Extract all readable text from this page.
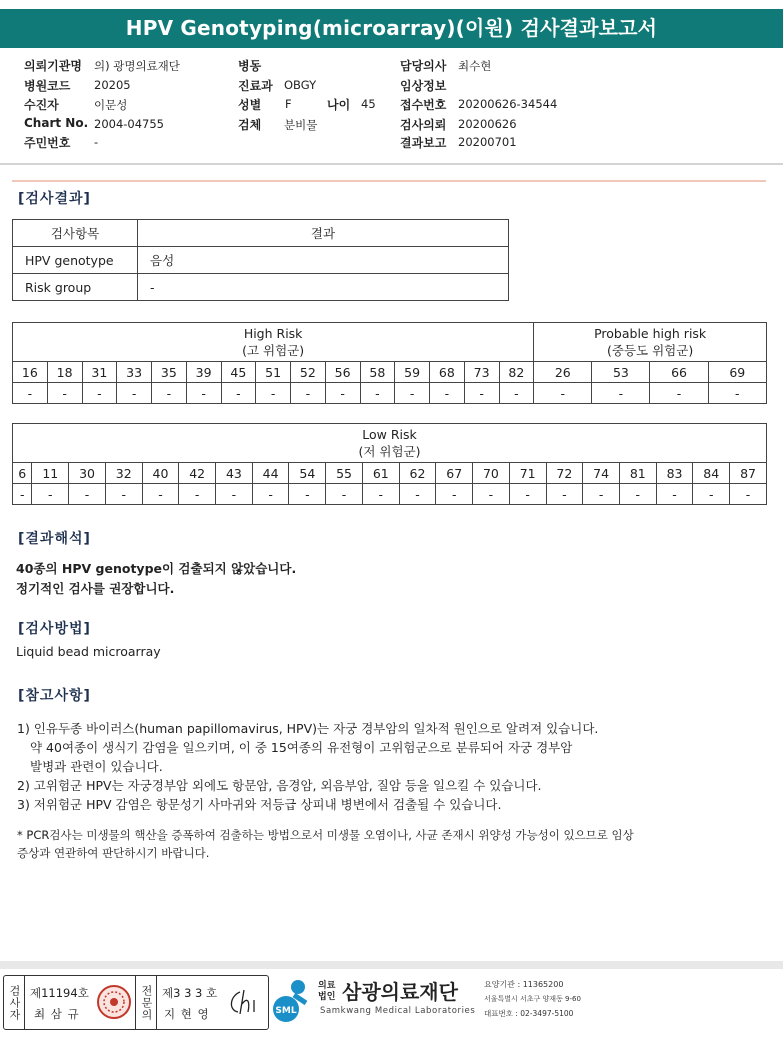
HPV Genotyping(microarray)(이원) 검사결과보고서
의뢰기관명 의) 광명의료재단
병원코드 20205
수진자	이문성
Chart No. 2004-04755
주민번호 -
병동
진료과 OBGY
성별 F	나이 45
검체 분비물
담당의사 최수현
임상정보
접수번호 20200626-34544
검사의뢰 20200626
결과보고 20200701
[검사결과]
검사항목	결과
HPV genotype	음성
Risk group	-
High Risk
(고 위험군)															Probable high risk
(중등도 위험군)			
16	18	31	33	35	39	45	51	52	56	58	59	68	73	82	26	53	66	69
-	-	-	-	-	-	-	-	-	-	-	-	-	-	-	-	-	-	-
Low Risk
(저 위험군)																				
6	11	30	32	40	42	43	44	54	55	61	62	67	70	71	72	74	81	83	84	87
-	-	-	-	-	-	-	-	-	-	-	-	-	-	-	-	-	-	-	-	-
[결과해석]
40종의 HPV genotype이 검출되지 않았습니다.
정기적인 검사를 권장합니다.
[검사방법]
Liquid bead microarray
[참고사항]
1) 인유두종 바이러스(human papillomavirus, HPV)는 자궁 경부암의 일차적 원인으로 알려져 있습니다.
약 40여종이 생식기 감염을 일으키며, 이 중 15여종의 유전형이 고위험군으로 분류되어 자궁 경부암
발병과 관련이 있습니다.
2) 고위험군 HPV는 자궁경부암 외에도 항문암, 음경암, 외음부암, 질암 등을 일으킬 수 있습니다.
3) 저위험군 HPV 감염은 항문성기 사마귀와 저등급 상피내 병변에서 검출될 수 있습니다.
* PCR검사는 미생물의 핵산을 증폭하여 검출하는 방법으로서 미생물 오염이나, 사균 존재시 위양성 가능성이 있으므로 임상
증상과 연관하여 판단하시기 바랍니다.
검사자 제11194호
최 삼 규	전문의 제3 3 3 호
지 현 영	SML
의료법인 삼광의료재단
Samkwang Medical Laboratories
요양기관 : 11365200
서울특별시 서초구 양재동 9-60
대표번호 : 02-3497-5100
